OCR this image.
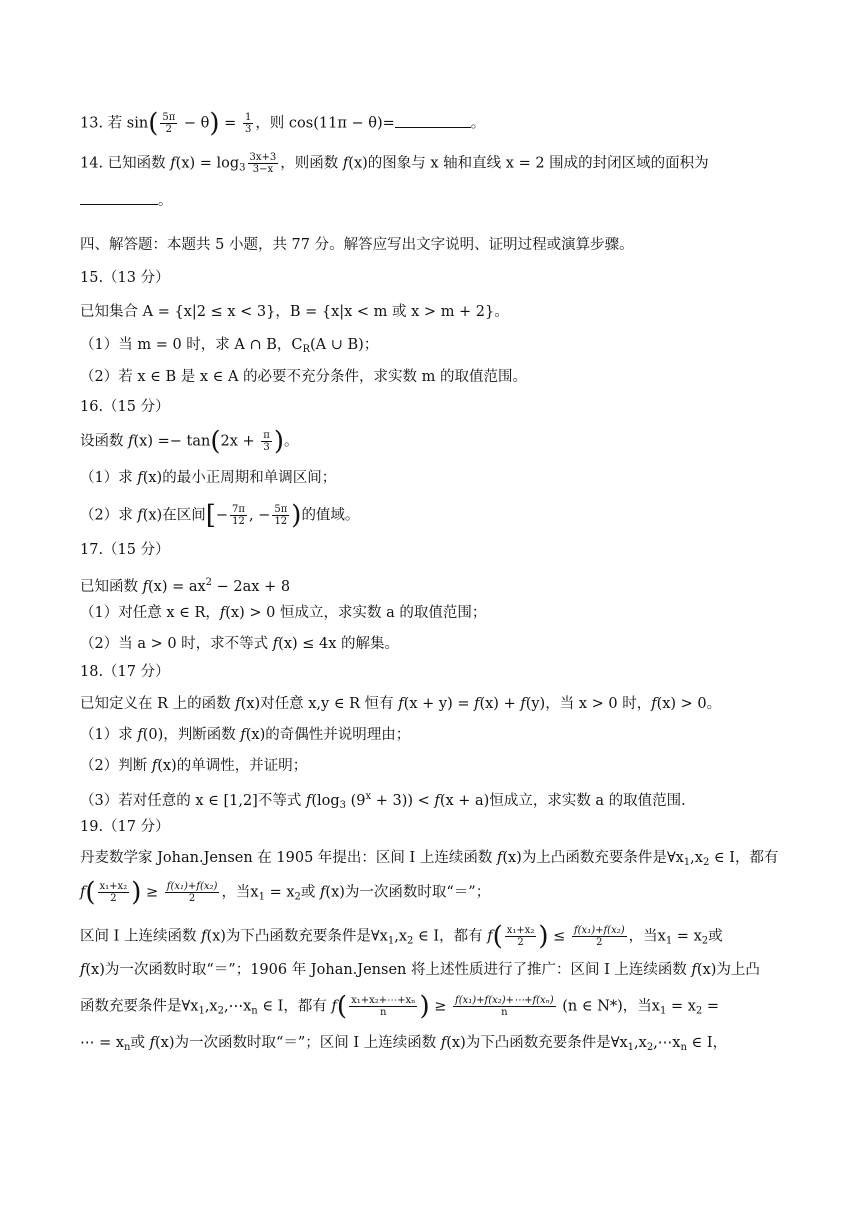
13. 若 $\sin( \frac{5\pi}{2} - \theta) = \frac{1}{3}$ ，则 cos(11π − θ)=	。
14. 已知函数 $f(x) = \log_3 \frac{3x+3}{3-x}$ ，则函数 f(x)的图象与 x 轴和直线 x = 2 围成的封闭区域的面积为
。
四、解答题：本题共 5 小题，共 77 分。解答应写出文字说明、证明过程或演算步骤。
15.（13 分）
已知集合 A = {x|2 ≤ x < 3}，B = {x|x < m 或 x > m + 2}。
（1）当 m = 0 时，求 A ∩ B，$C_R(A$ ∪ B)；
（2）若 x ∈ B 是 x ∈ A 的必要不充分条件，求实数 m 的取值范围。
16.（15 分）
设函数 $f(x) =- \tan(2x + \frac{\pi}{3}$ )。
（1）求 f(x)的最小正周期和单调区间；
（2）求 f(x)在区间[− $\frac{7\pi}{12}$ , − $\frac{5\pi}{12}$ )的值域。
17.（15 分）
已知函数 $f(x) = ax^2 - 2ax + 8$
（1）对任意 x ∈ R，f(x) > 0 恒成立，求实数 a 的取值范围；
（2）当 a > 0 时，求不等式 f(x) ≤ 4x 的解集。
18.（17 分）
已知定义在 R 上的函数 f(x)对任意 x,y ∈ R 恒有 f(x + y) = f(x) + f(y)，当 x > 0 时，f(x) > 0。
（1）求 f(0)，判断函数 f(x)的奇偶性并说明理由；
（2）判断 f(x)的单调性，并证明；
（3）若对任意的 x ∈ [1,2]不等式 $f(\log_3$ $(9^x + 3)) < f(x + a)$恒成立，求实数 a 的取值范围.
19.（17 分）
丹麦数学家 Johan.Jensen 在 1905 年提出：区间 I 上连续函数 f(x)为上凸函数充要条件是$\forall x_1,x_2$ ∈ I，都有
$f( \frac{\text{x₁+x₂}}{2}$ ) ≥ $\frac{\text{f(x₁)+f(x₂)}}{2}$ ，当$x_1 = x_2$或 f(x)为一次函数时取“＝”；
区间 I 上连续函数 f(x)为下凸函数充要条件是$\forall x_1,x_2$ ∈ I，都有 $f( \frac{\text{x₁+x₂}}{2}$ ) ≤ $\frac{\text{f(x₁)+f(x₂)}}{2}$ ，当$x_1 = x_2$或
f(x)为一次函数时取“＝”；1906 年 Johan.Jensen 将上述性质进行了推广：区间 I 上连续函数 f(x)为上凸
函数充要条件是$\forall x_1,x_2,\cdots x_n$ ∈ I，都有 $f( \frac{\text{x₁+x₂+⋯+xₙ}}{n}$ ) ≥ $\frac{\text{f(x₁)+f(x₂)+⋯+f(xₙ)}}{n} (n$ ∈ N*)，当$x_1 = x_2$ =
⋯ = $x_n$或 f(x)为一次函数时取“＝”；区间 I 上连续函数 f(x)为下凸函数充要条件是$\forall x_1,x_2,\cdots x_n$ ∈ I，
